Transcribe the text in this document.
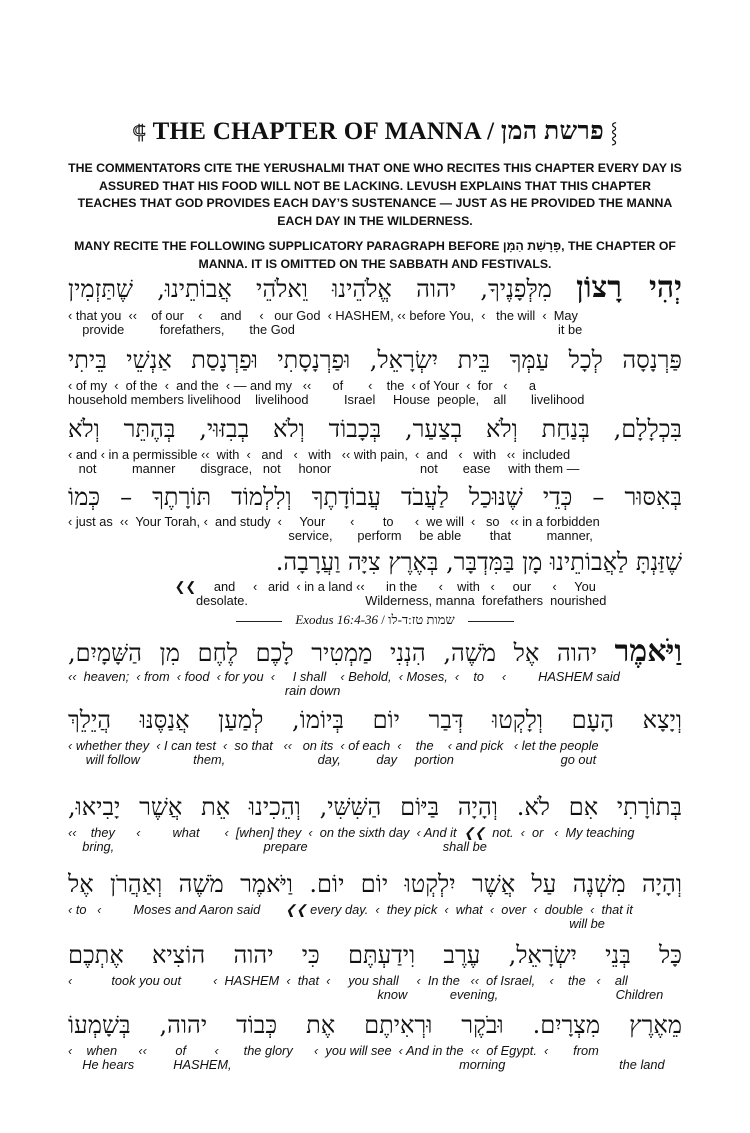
⸿ THE CHAPTER OF MANNA / פרשת המן ⸾
THE COMMENTATORS CITE THE YERUSHALMI THAT ONE WHO RECITES THIS CHAPTER EVERY DAY IS ASSURED THAT HIS FOOD WILL NOT BE LACKING. LEVUSH EXPLAINS THAT THIS CHAPTER TEACHES THAT GOD PROVIDES EACH DAY’S SUSTENANCE — JUST AS HE PROVIDED THE MANNA EACH DAY IN THE WILDERNESS.
MANY RECITE THE FOLLOWING SUPPLICATORY PARAGRAPH BEFORE פָּרָשַׁת הַמָּן, THE CHAPTER OF MANNA. IT IS OMITTED ON THE SABBATH AND FESTIVALS.
יְהִי רָצוֹן מִלְּפָנֶיךָ, יהוה אֱלֹהֵינוּ וֵאלֹהֵי אֲבוֹתֵינוּ, שֶׁתַּזְמִין
‹ that you  ‹‹    of our    ‹     and     ‹   our God  ‹ HASHEM, ‹‹ before You,  ‹   the will  ‹  May
provide          forefathers,       the God                                                                          it be
פַּרְנָסָה לְכָל עַמְּךָ בֵּית יִשְׂרָאֵל, וּפַרְנָסָתִי וּפַרְנָסַת אַנְשֵׁי בֵּיתִי
‹ of my  ‹  of the  ‹  and the  ‹ — and my   ‹‹      of       ‹    the  ‹ of Your  ‹  for   ‹      a
household members livelihood    livelihood          Israel     House  people,    all       livelihood
בִּכְלָלָם, בְּנַחַת וְלֹא בְצַעַר, בְּכָבוֹד וְלֹא בְבִזּוּי, בְּהֶתֵּר וְלֹא
‹ and ‹ in a permissible ‹‹  with  ‹   and   ‹   with   ‹‹ with pain,  ‹  and   ‹   with   ‹‹  included
not          manner       disgrace,   not     honor                         not       ease     with them —
בְּאִסּוּר – כְּדֵי שֶׁנּוּכַל לַעֲבֹד עֲבוֹדָתֶךָ וְלִלְמוֹד תּוֹרָתֶךָ – כְּמוֹ
‹ just as  ‹‹  Your Torah, ‹  and study  ‹     Your       ‹        to      ‹  we will  ‹   so   ‹‹ in a forbidden
service,       perform     be able        that          manner,
שֶׁזַּנְתָּ לַאֲבוֹתֵינוּ מָן בַּמִּדְבָּר, בְּאֶרֶץ צִיָּה וַעֲרָבָה.
❮❮     and     ‹   arid  ‹ in a land ‹‹      in the      ‹    with   ‹     our      ‹     You
desolate.                                 Wilderness, manna  forefathers  nourished
Exodus 16:4-36 / שמות טז:ד-לו
וַיֹּאמֶר יהוה אֶל מֹשֶׁה, הִנְנִי מַמְטִיר לָכֶם לֶחֶם מִן הַשָּׁמָיִם,
‹‹  heaven;  ‹ from  ‹ food  ‹ for you  ‹     I shall    ‹ Behold,  ‹ Moses,  ‹    to     ‹         HASHEM said
rain down
וְיָצָא הָעָם וְלָקְטוּ דְּבַר יוֹם בְּיוֹמוֹ, לְמַעַן אֲנַסֶּנּוּ הֲיֵלֵךְ
‹ whether they  ‹ I can test  ‹  so that   ‹‹   on its  ‹ of each  ‹    the    ‹ and pick   ‹ let the people
will follow               them,                          day,          day     portion                              go out
בְּתוֹרָתִי אִם לֹא. וְהָיָה בַּיּוֹם הַשִּׁשִּׁי, וְהֵכִינוּ אֵת אֲשֶׁר יָבִיאוּ,
‹‹    they      ‹         what       ‹  [when] they  ‹  on the sixth day  ‹ And it  ❮❮  not.  ‹  or   ‹  My teaching
bring,                                          prepare                                      shall be
וְהָיָה מִשְׁנֶה עַל אֲשֶׁר יִלְקְטוּ יוֹם יוֹם. וַיֹּאמֶר מֹשֶׁה וְאַהֲרֹן אֶל
‹ to   ‹         Moses and Aaron said       ❮❮ every day.  ‹  they pick  ‹  what  ‹  over  ‹  double  ‹  that it
will be
כָּל בְּנֵי יִשְׂרָאֵל, עֶרֶב וִידַעְתֶּם כִּי יהוה הוֹצִיא אֶתְכֶם
‹           took you out         ‹  HASHEM  ‹  that  ‹     you shall     ‹  In the   ‹‹  of Israel,    ‹    the   ‹    all
know            evening,                                 Children
מֵאֶרֶץ מִצְרָיִם. וּבֹקֶר וּרְאִיתֶם אֶת כְּבוֹד יהוה, בְּשָׁמְעוֹ
‹    when      ‹‹        of        ‹       the glory      ‹  you will see  ‹ And in the  ‹‹  of Egypt.  ‹       from
He hears           HASHEM,                                                                morning                                the land
